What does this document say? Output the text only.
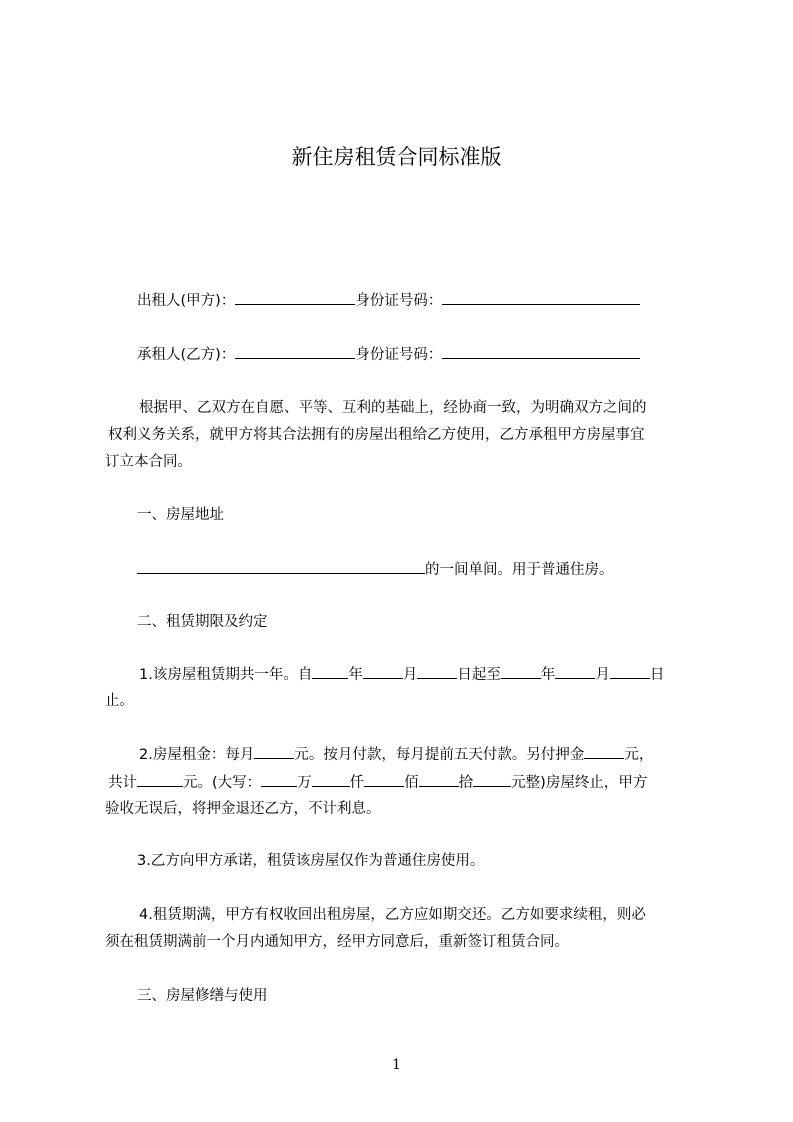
新住房租赁合同标准版
出租人(甲方)：	身份证号码：
承租人(乙方)：	身份证号码：
根据甲、乙双方在自愿、平等、互利的基础上，经协商一致，为明确双方之间的
权利义务关系，就甲方将其合法拥有的房屋出租给乙方使用，乙方承租甲方房屋事宜
订立本合同。
一、房屋地址
的一间单间。用于普通住房。
二、租赁期限及约定
1.该房屋租赁期共一年。自 年	月	日起至	年	月	日
止。
2.房屋租金：每月	元。按月付款，每月提前五天付款。另付押金	元，
共计	元。(大写： 万	仟	佰	拾	元整)房屋终止，甲方
验收无误后，将押金退还乙方，不计利息。
3.乙方向甲方承诺，租赁该房屋仅作为普通住房使用。
4.租赁期满，甲方有权收回出租房屋，乙方应如期交还。乙方如要求续租，则必
须在租赁期满前一个月内通知甲方，经甲方同意后，重新签订租赁合同。
三、房屋修缮与使用
1
